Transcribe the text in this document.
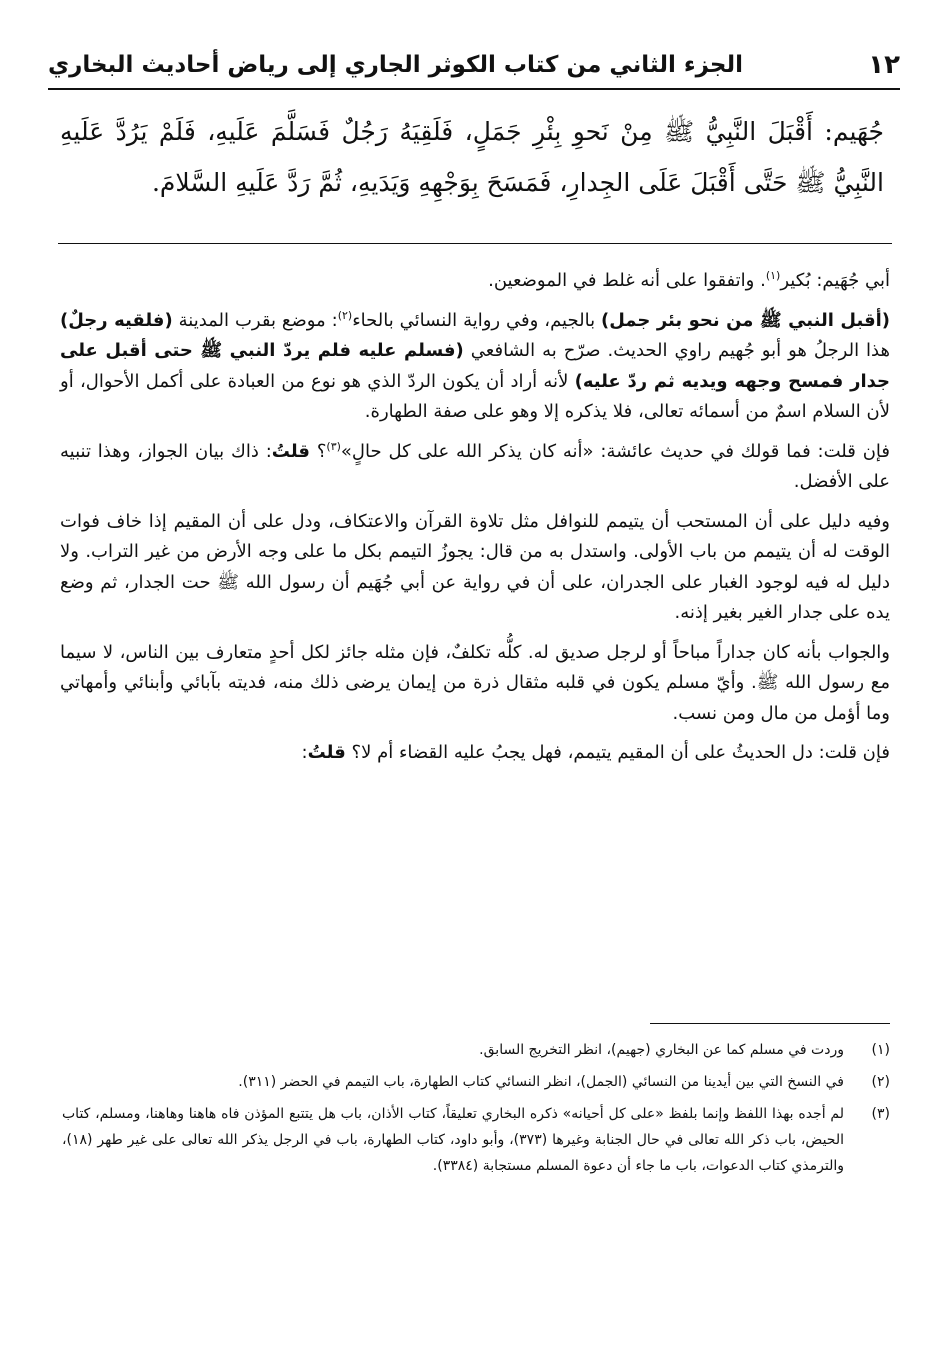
١٢
الجزء الثاني من كتاب الكوثر الجاري إلى رياض أحاديث البخاري
جُهَيم: أَقْبَلَ النَّبِيُّ ﷺ مِنْ نَحوِ بِئْرِ جَمَلٍ، فَلَقِيَهُ رَجُلٌ فَسَلَّمَ عَلَيهِ، فَلَمْ يَرُدَّ عَلَيهِ النَّبِيُّ ﷺ حَتَّى أَقْبَلَ عَلَى الجِدارِ، فَمَسَحَ بِوَجْهِهِ وَيَدَيهِ، ثُمَّ رَدَّ عَلَيهِ السَّلامَ.

أبي جُهَيم: بُكير$^{(١)}$. واتفقوا على أنه غلط في الموضعين.

(أقبل النبي ﷺ من نحو بئر جمل) بالجيم، وفي رواية النسائي بالحاء$^{(٢)}$: موضع بقرب المدينة (فلقيه رجلٌ) هذا الرجلُ هو أبو جُهيم راوي الحديث. صرّح به الشافعي (فسلم عليه فلم يردّ النبي ﷺ حتى أقبل على جدار فمسح وجهه ويديه ثم ردّ عليه) لأنه أراد أن يكون الردّ الذي هو نوع من العبادة على أكمل الأحوال، أو لأن السلام اسمٌ من أسمائه تعالى، فلا يذكره إلا وهو على صفة الطهارة.

فإن قلت: فما قولك في حديث عائشة: «أنه كان يذكر الله على كل حالٍ»$^{(٣)}$؟ قلتُ: ذاك بيان الجواز، وهذا تنبيه على الأفضل.

وفيه دليل على أن المستحب أن يتيمم للنوافل مثل تلاوة القرآن والاعتكاف، ودل على أن المقيم إذا خاف فوات الوقت له أن يتيمم من باب الأولى. واستدل به من قال: يجوزُ التيمم بكل ما على وجه الأرض من غير التراب. ولا دليل له فيه لوجود الغبار على الجدران، على أن في رواية عن أبي جُهَيم أن رسول الله ﷺ حت الجدار، ثم وضع يده على جدار الغير بغير إذنه.

والجواب بأنه كان جداراً مباحاً أو لرجل صديق له. كلُّه تكلفٌ، فإن مثله جائز لكل أحدٍ متعارف بين الناس، لا سيما مع رسول الله ﷺ. وأيّ مسلم يكون في قلبه مثقال ذرة من إيمان يرضى ذلك منه، فديته بآبائي وأبنائي وأمهاتي وما أؤمل من مال ومن نسب.

فإن قلت: دل الحديثُ على أن المقيم يتيمم، فهل يجبُ عليه القضاء أم لا؟ قلتُ:

(١)
وردت في مسلم كما عن البخاري (جهيم)، انظر التخريج السابق.
(٢)
في النسخ التي بين أيدينا من النسائي (الجمل)، انظر النسائي كتاب الطهارة، باب التيمم في الحضر (٣١١).
(٣)
لم أجده بهذا اللفظ وإنما بلفظ «على كل أحيانه» ذكره البخاري تعليقاً، كتاب الأذان، باب هل يتتبع المؤذن فاه هاهنا وهاهنا، ومسلم، كتاب الحيض، باب ذكر الله تعالى في حال الجنابة وغيرها (٣٧٣)، وأبو داود، كتاب الطهارة، باب في الرجل يذكر الله تعالى على غير طهر (١٨)، والترمذي كتاب الدعوات، باب ما جاء أن دعوة المسلم مستجابة (٣٣٨٤).
